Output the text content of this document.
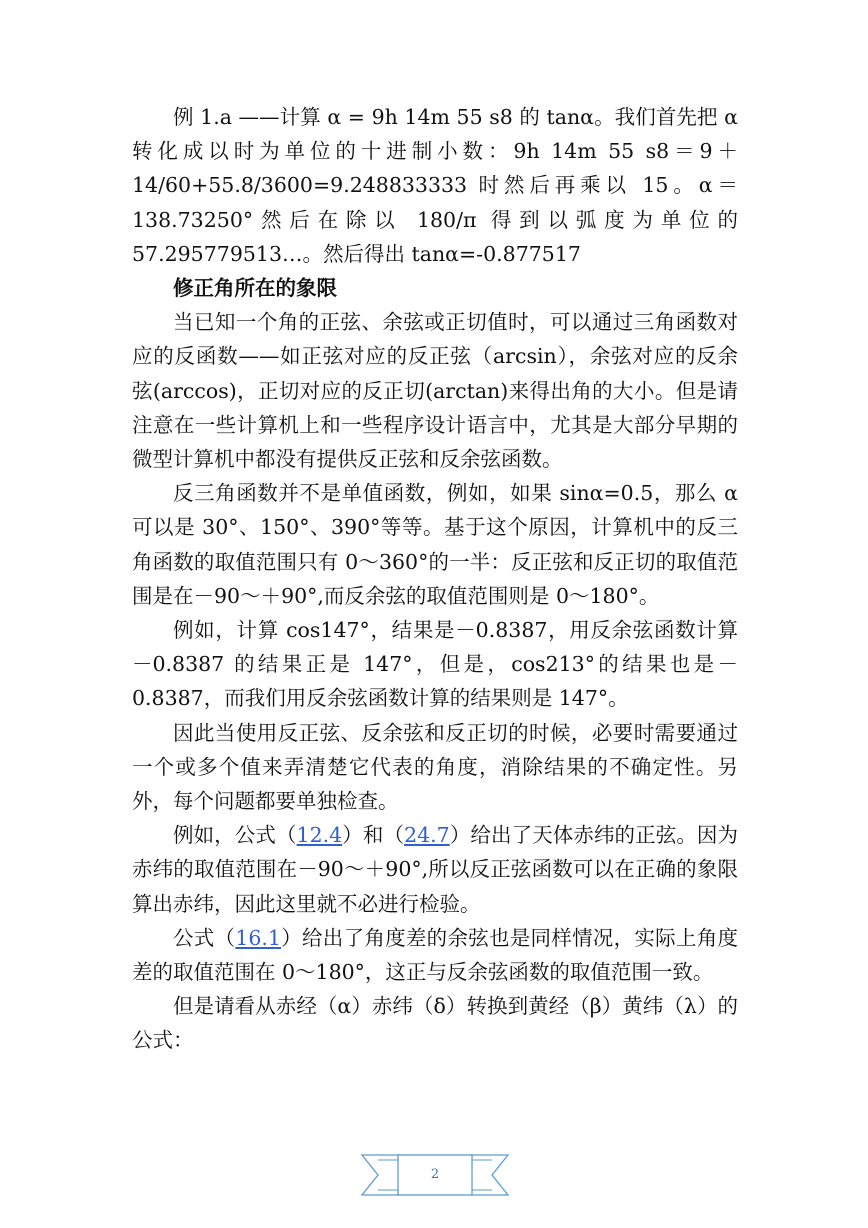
例 1.a ——计算 α = 9h 14m 55 s8 的 tanα。我们首先把 α 转化成以时为单位的十进制小数：9h 14m 55 s8＝9＋14/60+55.8/3600=9.248833333 时然后再乘以 15。α＝138.73250°然后在除以 180/π 得到以弧度为单位的 57.295779513…。然后得出 tanα=-0.877517

修正角所在的象限

当已知一个角的正弦、余弦或正切值时，可以通过三角函数对应的反函数——如正弦对应的反正弦（arcsin），余弦对应的反余弦(arccos)，正切对应的反正切(arctan)来得出角的大小。但是请注意在一些计算机上和一些程序设计语言中，尤其是大部分早期的微型计算机中都没有提供反正弦和反余弦函数。

反三角函数并不是单值函数，例如，如果 sinα=0.5，那么 α 可以是 30°、150°、390°等等。基于这个原因，计算机中的反三角函数的取值范围只有 0～360°的一半：反正弦和反正切的取值范围是在－90～＋90°,而反余弦的取值范围则是 0～180°。

例如，计算 cos147°，结果是－0.8387，用反余弦函数计算－0.8387 的结果正是 147°，但是，cos213°的结果也是－0.8387，而我们用反余弦函数计算的结果则是 147°。

因此当使用反正弦、反余弦和反正切的时候，必要时需要通过一个或多个值来弄清楚它代表的角度，消除结果的不确定性。另外，每个问题都要单独检查。

例如，公式（12.4）和（24.7）给出了天体赤纬的正弦。因为赤纬的取值范围在－90～＋90°,所以反正弦函数可以在正确的象限算出赤纬，因此这里就不必进行检验。

公式（16.1）给出了角度差的余弦也是同样情况，实际上角度差的取值范围在 0～180°，这正与反余弦函数的取值范围一致。

但是请看从赤经（α）赤纬（δ）转换到黄经（β）黄纬（λ）的公式：

2
